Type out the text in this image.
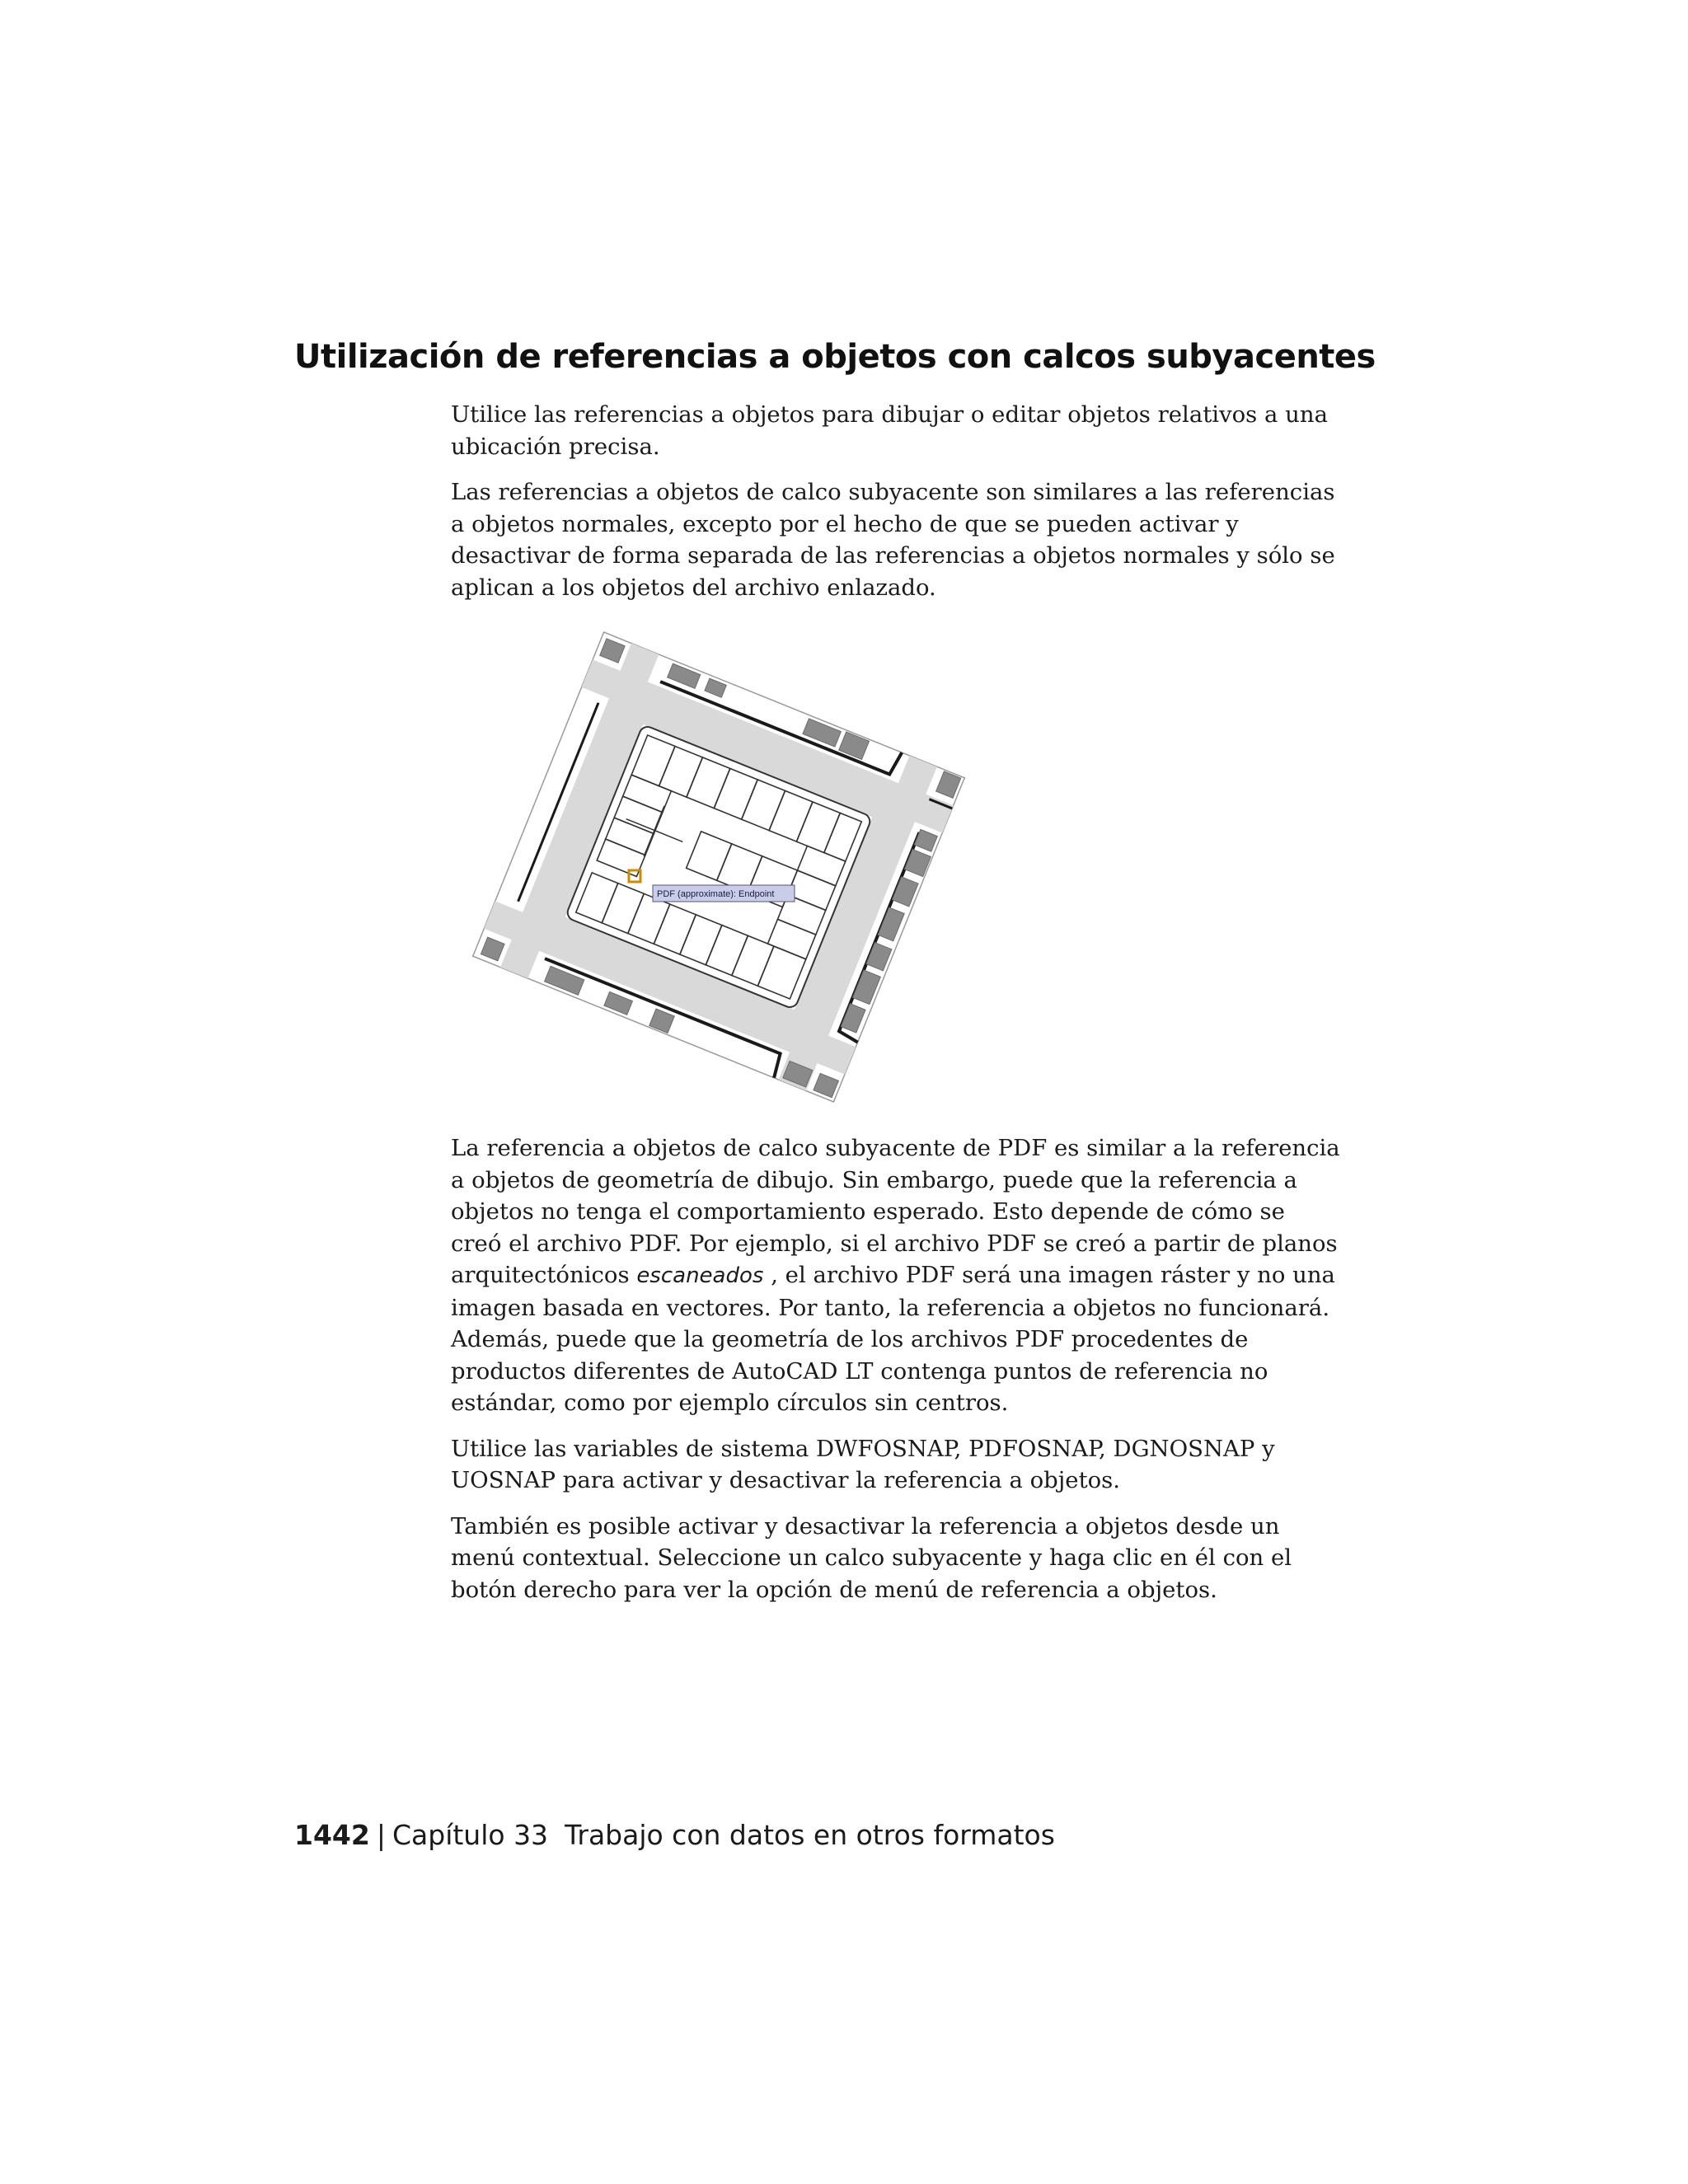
Utilización de referencias a objetos con calcos subyacentes

Utilice las referencias a objetos para dibujar o editar objetos relativos a una ubicación precisa.

Las referencias a objetos de calco subyacente son similares a las referencias a objetos normales, excepto por el hecho de que se pueden activar y desactivar de forma separada de las referencias a objetos normales y sólo se aplican a los objetos del archivo enlazado.

PDF (approximate): Endpoint

La referencia a objetos de calco subyacente de PDF es similar a la referencia a objetos de geometría de dibujo. Sin embargo, puede que la referencia a objetos no tenga el comportamiento esperado. Esto depende de cómo se creó el archivo PDF. Por ejemplo, si el archivo PDF se creó a partir de planos arquitectónicos escaneados , el archivo PDF será una imagen ráster y no una imagen basada en vectores. Por tanto, la referencia a objetos no funcionará. Además, puede que la geometría de los archivos PDF procedentes de productos diferentes de AutoCAD LT contenga puntos de referencia no estándar, como por ejemplo círculos sin centros.

Utilice las variables de sistema DWFOSNAP, PDFOSNAP, DGNOSNAP y UOSNAP para activar y desactivar la referencia a objetos.

También es posible activar y desactivar la referencia a objetos desde un menú contextual. Seleccione un calco subyacente y haga clic en él con el botón derecho para ver la opción de menú de referencia a objetos.

1442 | Capítulo 33 Trabajo con datos en otros formatos
